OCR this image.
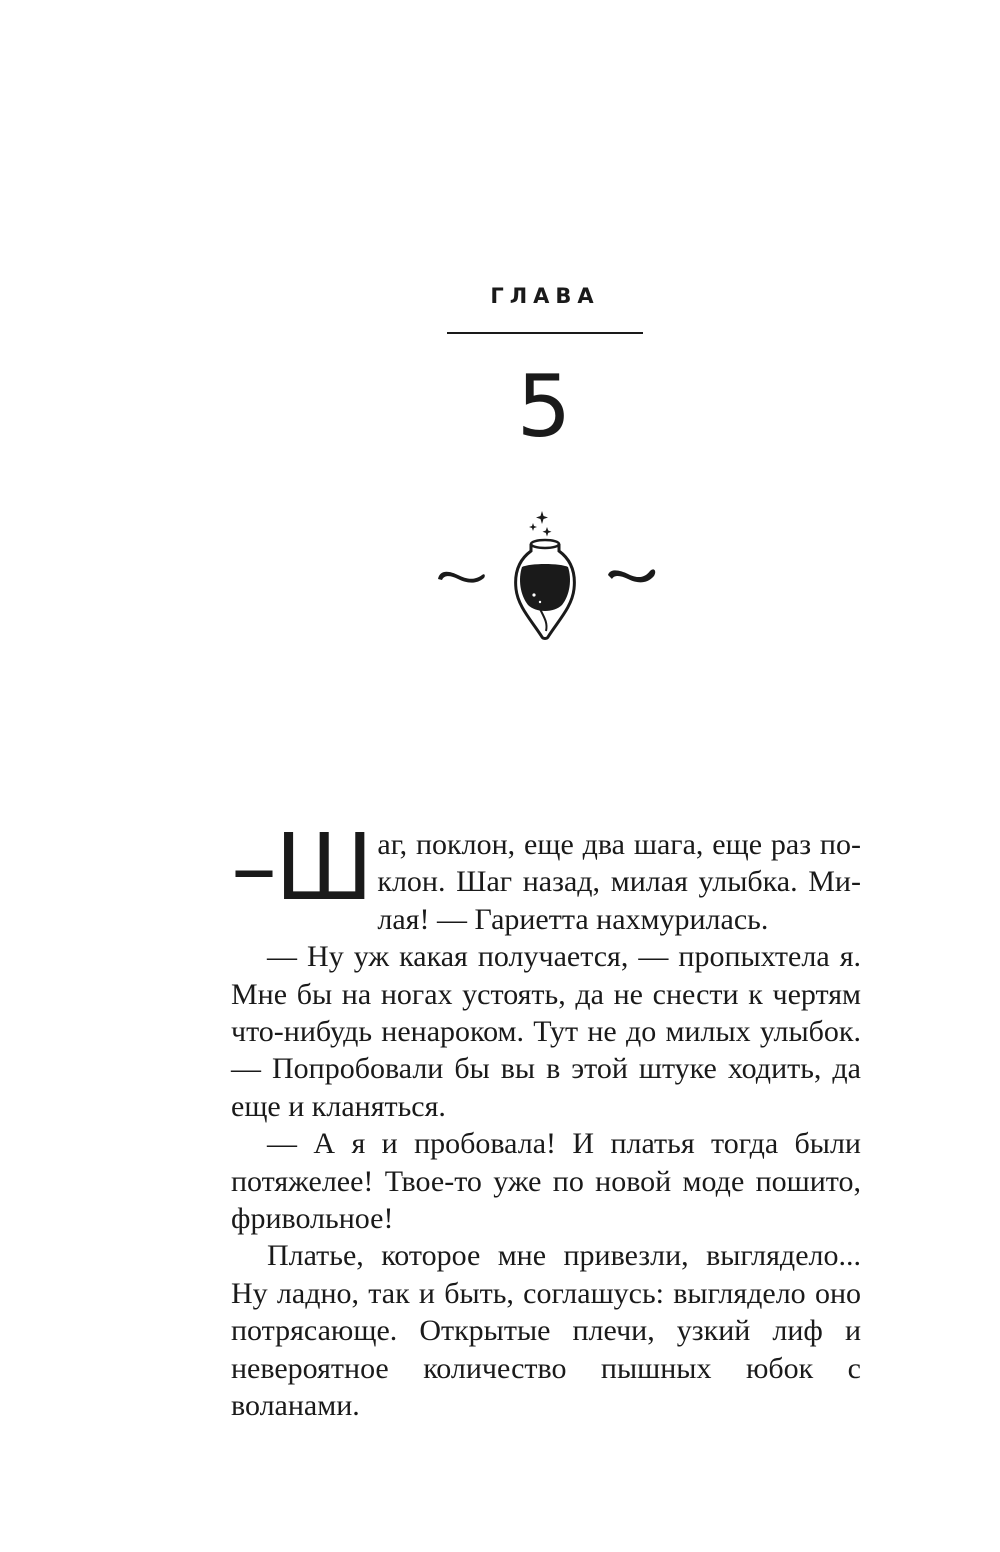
ГЛАВА
5

–Ш аг, поклон, еще два шага, еще раз поклон. Шаг назад, милая улыбка. Милая! — Гариетта нахмурилась.

— Ну уж какая получается, — пропыхтела я. Мне бы на ногах устоять, да не снести к чертям что-нибудь ненароком. Тут не до милых улыбок. — Попробовали бы вы в этой штуке ходить, да еще и кланяться.

— А я и пробовала! И платья тогда были потяжелее! Твое-то уже по новой моде пошито, фривольное!

Платье, которое мне привезли, выглядело... Ну ладно, так и быть, соглашусь: выглядело оно потрясающе. Открытые плечи, узкий лиф и невероятное количество пышных юбок с воланами.
